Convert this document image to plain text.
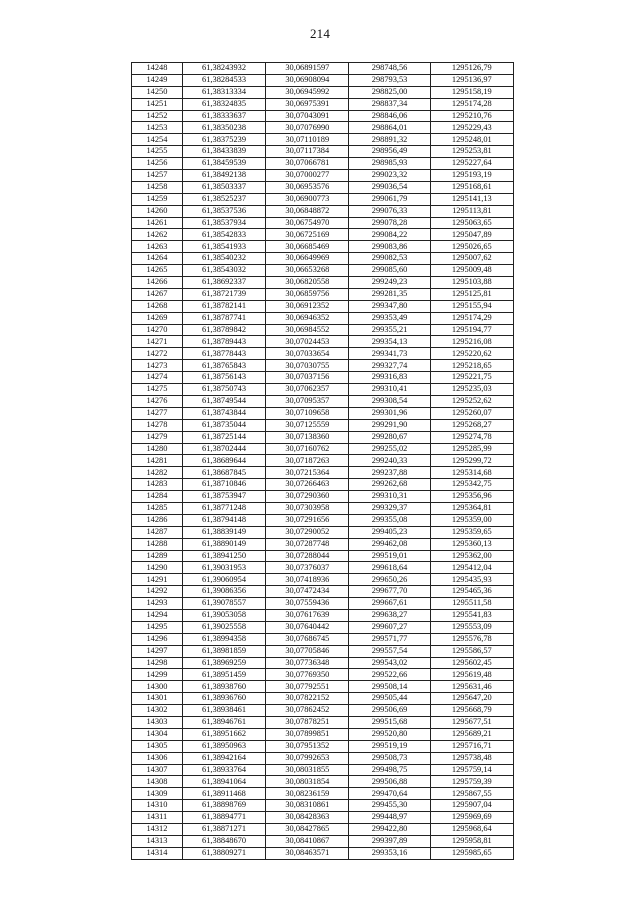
214
14248	61,38243932	30,06891597	298748,56	1295126,79
14249	61,38284533	30,06908094	298793,53	1295136,97
14250	61,38313334	30,06945992	298825,00	1295158,19
14251	61,38324835	30,06975391	298837,34	1295174,28
14252	61,38333637	30,07043091	298846,06	1295210,76
14253	61,38350238	30,07076990	298864,01	1295229,43
14254	61,38375239	30,07110189	298891,32	1295248,01
14255	61,38433839	30,07117384	298956,49	1295253,81
14256	61,38459539	30,07066781	298985,93	1295227,64
14257	61,38492138	30,07000277	299023,32	1295193,19
14258	61,38503337	30,06953576	299036,54	1295168,61
14259	61,38525237	30,06900773	299061,79	1295141,13
14260	61,38537536	30,06848872	299076,33	1295113,81
14261	61,38537934	30,06754970	299078,28	1295063,65
14262	61,38542833	30,06725169	299084,22	1295047,89
14263	61,38541933	30,06685469	299083,86	1295026,65
14264	61,38540232	30,06649969	299082,53	1295007,62
14265	61,38543032	30,06653268	299085,60	1295009,48
14266	61,38692337	30,06820558	299249,23	1295103,88
14267	61,38721739	30,06859756	299281,35	1295125,81
14268	61,38782141	30,06912352	299347,80	1295155,94
14269	61,38787741	30,06946352	299353,49	1295174,29
14270	61,38789842	30,06984552	299355,21	1295194,77
14271	61,38789443	30,07024453	299354,13	1295216,08
14272	61,38778443	30,07033654	299341,73	1295220,62
14273	61,38765843	30,07030755	299327,74	1295218,65
14274	61,38756143	30,07037156	299316,83	1295221,75
14275	61,38750743	30,07062357	299310,41	1295235,03
14276	61,38749544	30,07095357	299308,54	1295252,62
14277	61,38743844	30,07109658	299301,96	1295260,07
14278	61,38735044	30,07125559	299291,90	1295268,27
14279	61,38725144	30,07138360	299280,67	1295274,78
14280	61,38702444	30,07160762	299255,02	1295285,99
14281	61,38689644	30,07187263	299240,33	1295299,72
14282	61,38687845	30,07215364	299237,88	1295314,68
14283	61,38710846	30,07266463	299262,68	1295342,75
14284	61,38753947	30,07290360	299310,31	1295356,96
14285	61,38771248	30,07303958	299329,37	1295364,81
14286	61,38794148	30,07291656	299355,08	1295359,00
14287	61,38839149	30,07290052	299405,23	1295359,65
14288	61,38890149	30,07287748	299462,08	1295360,13
14289	61,38941250	30,07288044	299519,01	1295362,00
14290	61,39031953	30,07376037	299618,64	1295412,04
14291	61,39060954	30,07418936	299650,26	1295435,93
14292	61,39086356	30,07472434	299677,70	1295465,36
14293	61,39078557	30,07559436	299667,61	1295511,58
14294	61,39053058	30,07617639	299638,27	1295541,83
14295	61,39025558	30,07640442	299607,27	1295553,09
14296	61,38994358	30,07686745	299571,77	1295576,78
14297	61,38981859	30,07705846	299557,54	1295586,57
14298	61,38969259	30,07736348	299543,02	1295602,45
14299	61,38951459	30,07769350	299522,66	1295619,48
14300	61,38938760	30,07792551	299508,14	1295631,46
14301	61,38936760	30,07822152	299505,44	1295647,20
14302	61,38938461	30,07862452	299506,69	1295668,79
14303	61,38946761	30,07878251	299515,68	1295677,51
14304	61,38951662	30,07899851	299520,80	1295689,21
14305	61,38950963	30,07951352	299519,19	1295716,71
14306	61,38942164	30,07992653	299508,73	1295738,48
14307	61,38933764	30,08031855	299498,75	1295759,14
14308	61,38941064	30,08031854	299506,88	1295759,39
14309	61,38911468	30,08236159	299470,64	1295867,55
14310	61,38898769	30,08310861	299455,30	1295907,04
14311	61,38894771	30,08428363	299448,97	1295969,69
14312	61,38871271	30,08427865	299422,80	1295968,64
14313	61,38848670	30,08410867	299397,89	1295958,81
14314	61,38809271	30,08463571	299353,16	1295985,65
